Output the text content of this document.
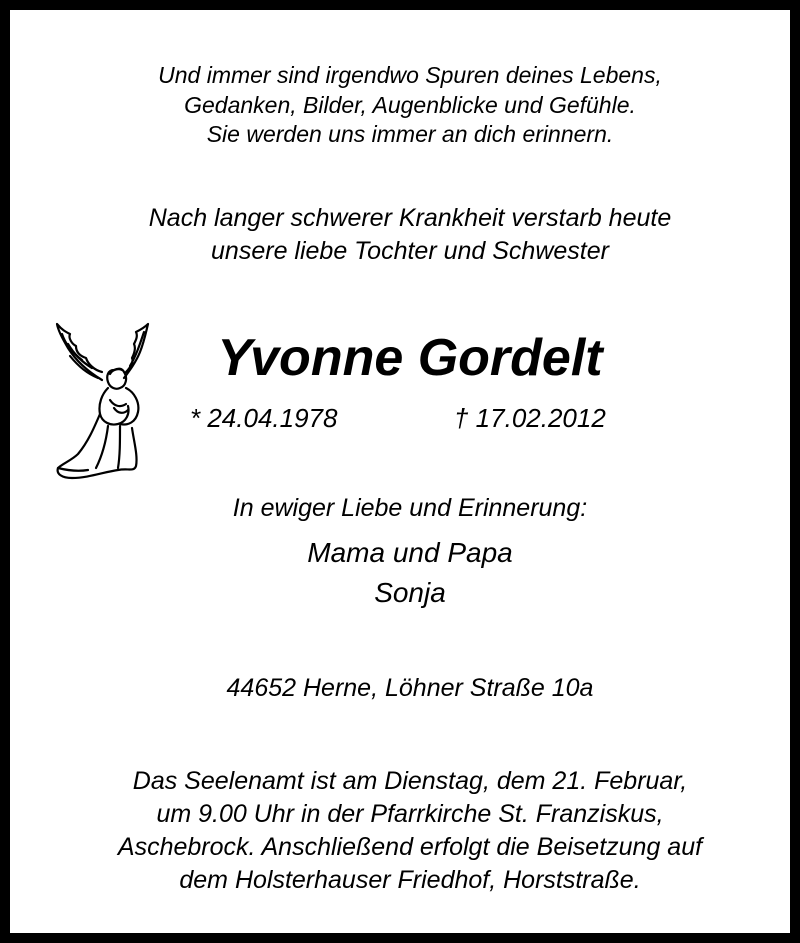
Und immer sind irgendwo Spuren deines Lebens,
Gedanken, Bilder, Augenblicke und Gefühle.
Sie werden uns immer an dich erinnern.
Nach langer schwerer Krankheit verstarb heute
unsere liebe Tochter und Schwester
Yvonne Gordelt
* 24.04.1978	† 17.02.2012
In ewiger Liebe und Erinnerung:
Mama und Papa
Sonja
44652 Herne, Löhner Straße 10a
Das Seelenamt ist am Dienstag, dem 21. Februar,
um 9.00 Uhr in der Pfarrkirche St. Franziskus,
Aschebrock. Anschließend erfolgt die Beisetzung auf
dem Holsterhauser Friedhof, Horststraße.
